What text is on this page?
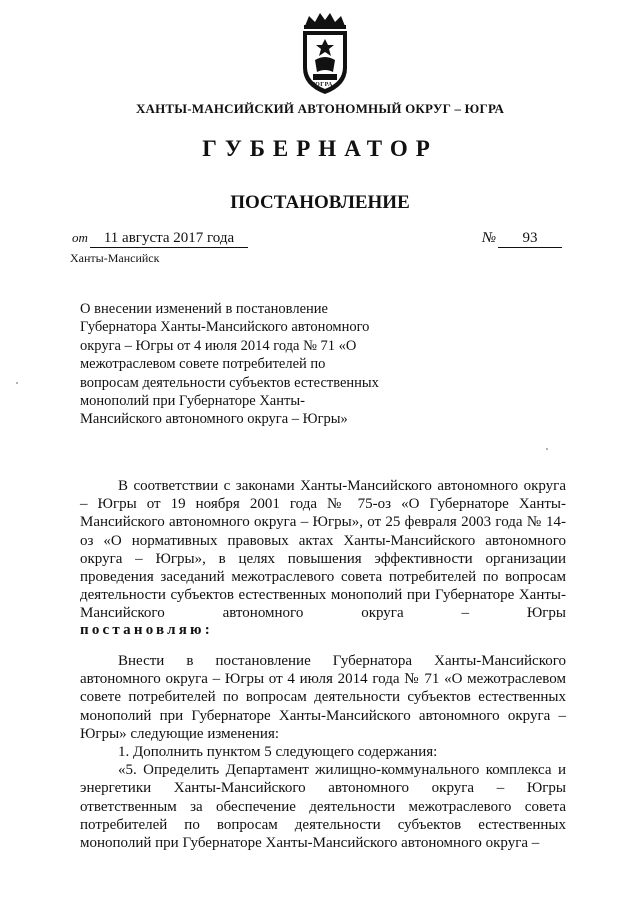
ЮГРА
ХАНТЫ-МАНСИЙСКИЙ АВТОНОМНЫЙ ОКРУГ – ЮГРА
ГУБЕРНАТОР
ПОСТАНОВЛЕНИЕ
от	11 августа 2017 года	№	93
Ханты-Мансийск
О внесении изменений в постановление Губернатора Ханты-Мансийского автономного округа – Югры от 4 июля 2014 года № 71 «О межотраслевом совете потребителей по вопросам деятельности субъектов естественных монополий при Губернаторе Ханты-Мансийского автономного округа – Югры»

В соответствии с законами Ханты-Мансийского автономного округа – Югры от 19 ноября 2001 года № 75-оз «О Губернаторе Ханты-Мансийского автономного округа – Югры», от 25 февраля 2003 года № 14-оз «О нормативных правовых актах Ханты-Мансийского автономного округа – Югры», в целях повышения эффективности организации проведения заседаний межотраслевого совета потребителей по вопросам деятельности субъектов естественных монополий при Губернаторе Ханты-Мансийского автономного округа – Югры

постановляю:

Внести в постановление Губернатора Ханты-Мансийского автономного округа – Югры от 4 июля 2014 года № 71 «О межотраслевом совете потребителей по вопросам деятельности субъектов естественных монополий при Губернаторе Ханты-Мансийского автономного округа – Югры» следующие изменения:

1. Дополнить пунктом 5 следующего содержания:

«5. Определить Департамент жилищно-коммунального комплекса и энергетики Ханты-Мансийского автономного округа – Югры ответственным за обеспечение деятельности межотраслевого совета потребителей по вопросам деятельности субъектов естественных монополий при Губернаторе Ханты-Мансийского автономного округа –
